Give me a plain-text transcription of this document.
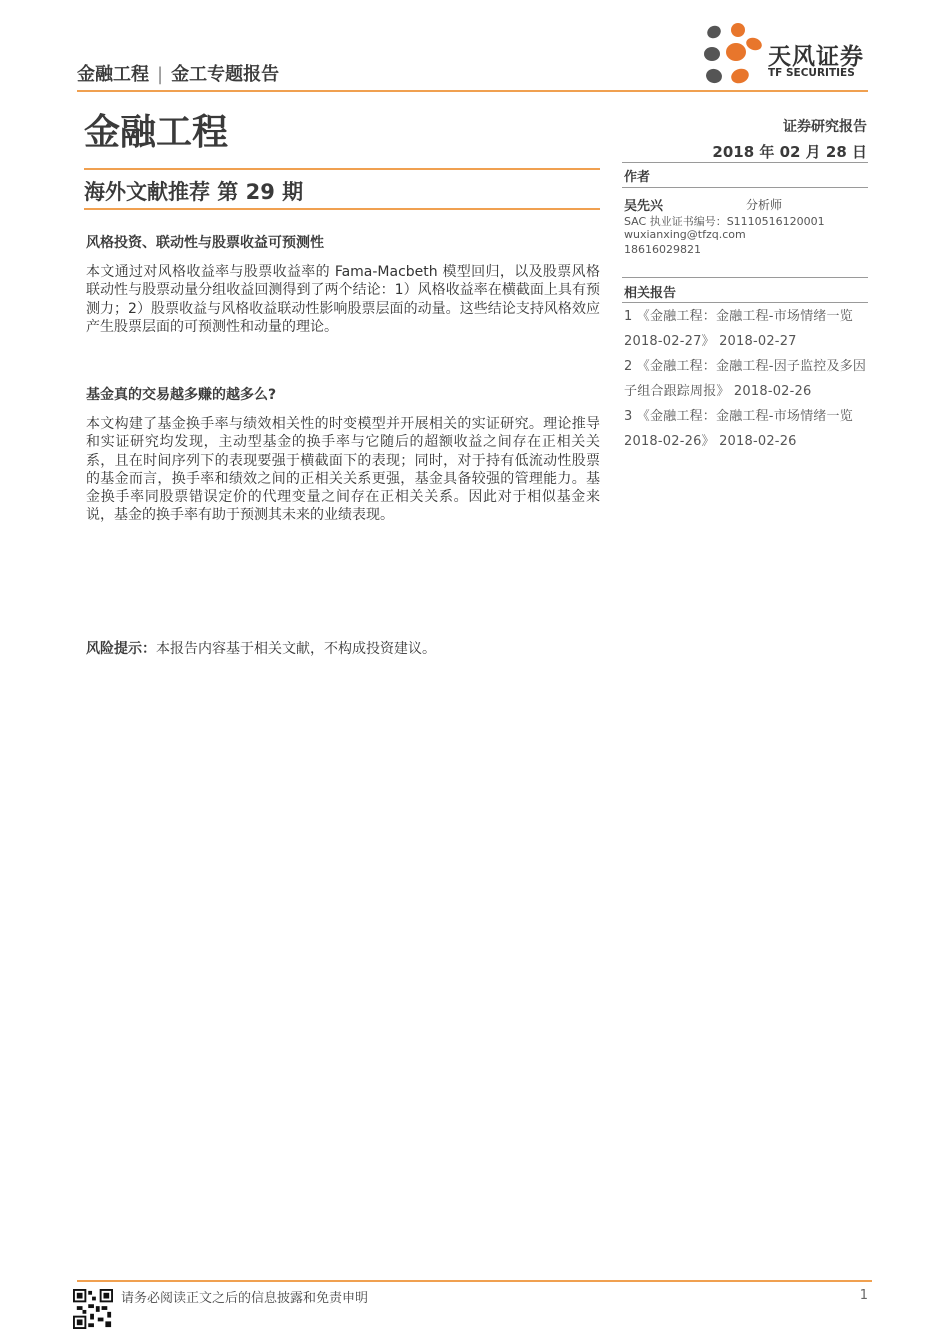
金融工程 | 金工专题报告
天风证券
TF SECURITIES
金融工程	证券研究报告
2018 年 02 月 28 日
海外文献推荐 第 29 期
风格投资、联动性与股票收益可预测性
本文通过对风格收益率与股票收益率的 Fama-Macbeth 模型回归，以及股票风格联动性与股票动量分组收益回测得到了两个结论：1）风格收益率在横截面上具有预测力；2）股票收益与风格收益联动性影响股票层面的动量。这些结论支持风格效应产生股票层面的可预测性和动量的理论。
基金真的交易越多赚的越多么?
本文构建了基金换手率与绩效相关性的时变模型并开展相关的实证研究。理论推导和实证研究均发现，主动型基金的换手率与它随后的超额收益之间存在正相关关系，且在时间序列下的表现要强于横截面下的表现；同时，对于持有低流动性股票的基金而言，换手率和绩效之间的正相关关系更强，基金具备较强的管理能力。基金换手率同股票错误定价的代理变量之间存在正相关关系。因此对于相似基金来说，基金的换手率有助于预测其未来的业绩表现。
风险提示：本报告内容基于相关文献，不构成投资建议。
作者
吴先兴	分析师
SAC 执业证书编号：S1110516120001
wuxianxing@tfzq.com
18616029821
相关报告
1 《金融工程：金融工程-市场情绪一览 2018-02-27》 2018-02-27
2 《金融工程：金融工程-因子监控及多因子组合跟踪周报》 2018-02-26
3 《金融工程：金融工程-市场情绪一览 2018-02-26》 2018-02-26
请务必阅读正文之后的信息披露和免责申明	1
